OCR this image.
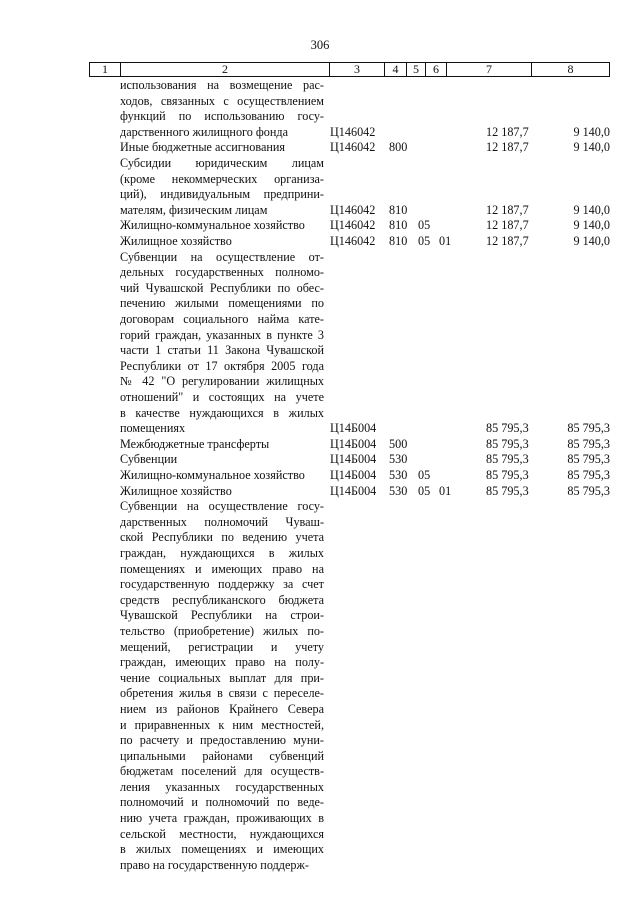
306
1	2	3	4	5	6	7	8
использования на возмещение рас-
ходов, связанных с осуществлением
функций по использованию госу-
дарственного жилищного фонда	Ц146042	12 187,7	9 140,0
Иные бюджетные ассигнования	Ц146042 800	12 187,7	9 140,0
Субсидии юридическим лицам
(кроме некоммерческих организа-
ций), индивидуальным предприни-
мателям, физическим лицам	Ц146042 810	12 187,7	9 140,0
Жилищно-коммунальное хозяйство Ц146042 810 05	12 187,7	9 140,0
Жилищное хозяйство	Ц146042 810 05 01	12 187,7	9 140,0
Субвенции на осуществление от-
дельных государственных полномо-
чий Чувашской Республики по обес-
печению жилыми помещениями по
договорам социального найма кате-
горий граждан, указанных в пункте 3
части 1 статьи 11 Закона Чувашской
Республики от 17 октября 2005 года
№ 42 "О регулировании жилищных
отношений" и состоящих на учете
в качестве нуждающихся в жилых
помещениях	Ц14Б004	85 795,3	85 795,3
Межбюджетные трансферты	Ц14Б004 500	85 795,3	85 795,3
Субвенции	Ц14Б004 530	85 795,3	85 795,3
Жилищно-коммунальное хозяйство Ц14Б004 530 05	85 795,3	85 795,3
Жилищное хозяйство	Ц14Б004 530 05 01	85 795,3	85 795,3
Субвенции на осуществление госу-
дарственных полномочий Чуваш-
ской Республики по ведению учета
граждан, нуждающихся в жилых
помещениях и имеющих право на
государственную поддержку за счет
средств республиканского бюджета
Чувашской Республики на строи-
тельство (приобретение) жилых по-
мещений, регистрации и учету
граждан, имеющих право на полу-
чение социальных выплат для при-
обретения жилья в связи с переселе-
нием из районов Крайнего Севера
и приравненных к ним местностей,
по расчету и предоставлению муни-
ципальными районами субвенций
бюджетам поселений для осуществ-
ления указанных государственных
полномочий и полномочий по веде-
нию учета граждан, проживающих в
сельской местности, нуждающихся
в жилых помещениях и имеющих
право на государственную поддерж-
